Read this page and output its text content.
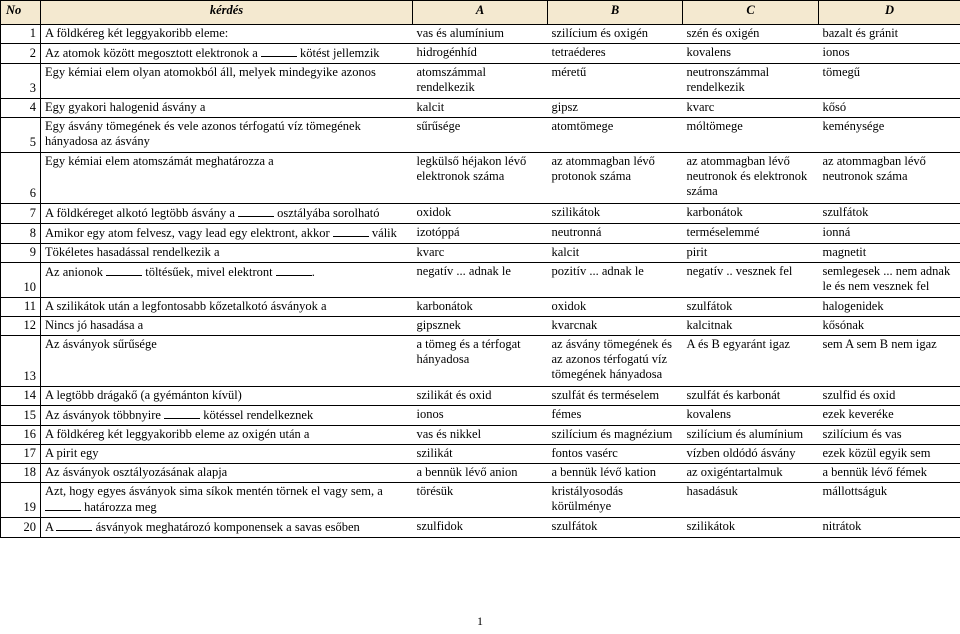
No	kérdés	A	B	C	D
1	A földkéreg két leggyakoribb eleme:	vas és alumínium	szilícium és oxigén	szén és oxigén	bazalt és gránit
2	Az atomok között megosztott elektronok a kötést jellemzik	hidrogénhíd	tetraéderes	kovalens	ionos
3	Egy kémiai elem olyan atomokból áll, melyek mindegyike azonos	atomszámmal rendelkezik	méretű	neutronszámmal rendelkezik	tömegű
4	Egy gyakori halogenid ásvány a	kalcit	gipsz	kvarc	kősó
5	Egy ásvány tömegének és vele azonos térfogatú víz tömegének hányadosa az ásvány	sűrűsége	atomtömege	móltömege	keménysége
6	Egy kémiai elem atomszámát meghatározza a	legkülső héjakon lévő elektronok száma	az atommagban lévő protonok száma	az atommagban lévő neutronok és elektronok száma	az atommagban lévő neutronok száma
7	A földkéreget alkotó legtöbb ásvány a osztályába sorolható	oxidok	szilikátok	karbonátok	szulfátok
8	Amikor egy atom felvesz, vagy lead egy elektront, akkor válik	izotóppá	neutronná	terméselemmé	ionná
9	Tökéletes hasadással rendelkezik a	kvarc	kalcit	pirit	magnetit
10	Az anionok töltésűek, mivel elektront .	negatív ... adnak le	pozitív ... adnak le	negatív .. vesznek fel	semlegesek ... nem adnak le és nem vesznek fel
11	A szilikátok után a legfontosabb kőzetalkotó ásványok a	karbonátok	oxidok	szulfátok	halogenidek
12	Nincs jó hasadása a	gipsznek	kvarcnak	kalcitnak	kősónak
13	Az ásványok sűrűsége	a tömeg és a térfogat hányadosa	az ásvány tömegének és az azonos térfogatú víz tömegének hányadosa	A és B egyaránt igaz	sem A sem B nem igaz
14	A legtöbb drágakő (a gyémánton kívül)	szilikát és oxid	szulfát és terméselem	szulfát és karbonát	szulfid és oxid
15	Az ásványok többnyire kötéssel rendelkeznek	ionos	fémes	kovalens	ezek keveréke
16	A földkéreg két leggyakoribb eleme az oxigén után a	vas és nikkel	szilícium és magnézium	szilícium és alumínium	szilícium és vas
17	A pirit egy	szilikát	fontos vasérc	vízben oldódó ásvány	ezek közül egyik sem
18	Az ásványok osztályozásának alapja	a bennük lévő anion	a bennük lévő kation	az oxigéntartalmuk	a bennük lévő fémek
19	Azt, hogy egyes ásványok sima síkok mentén törnek el vagy sem, a  határozza meg	törésük	kristályosodás körülménye	hasadásuk	mállottságuk
20	A ásványok meghatározó komponensek a savas esőben	szulfidok	szulfátok	szilikátok	nitrátok
1
